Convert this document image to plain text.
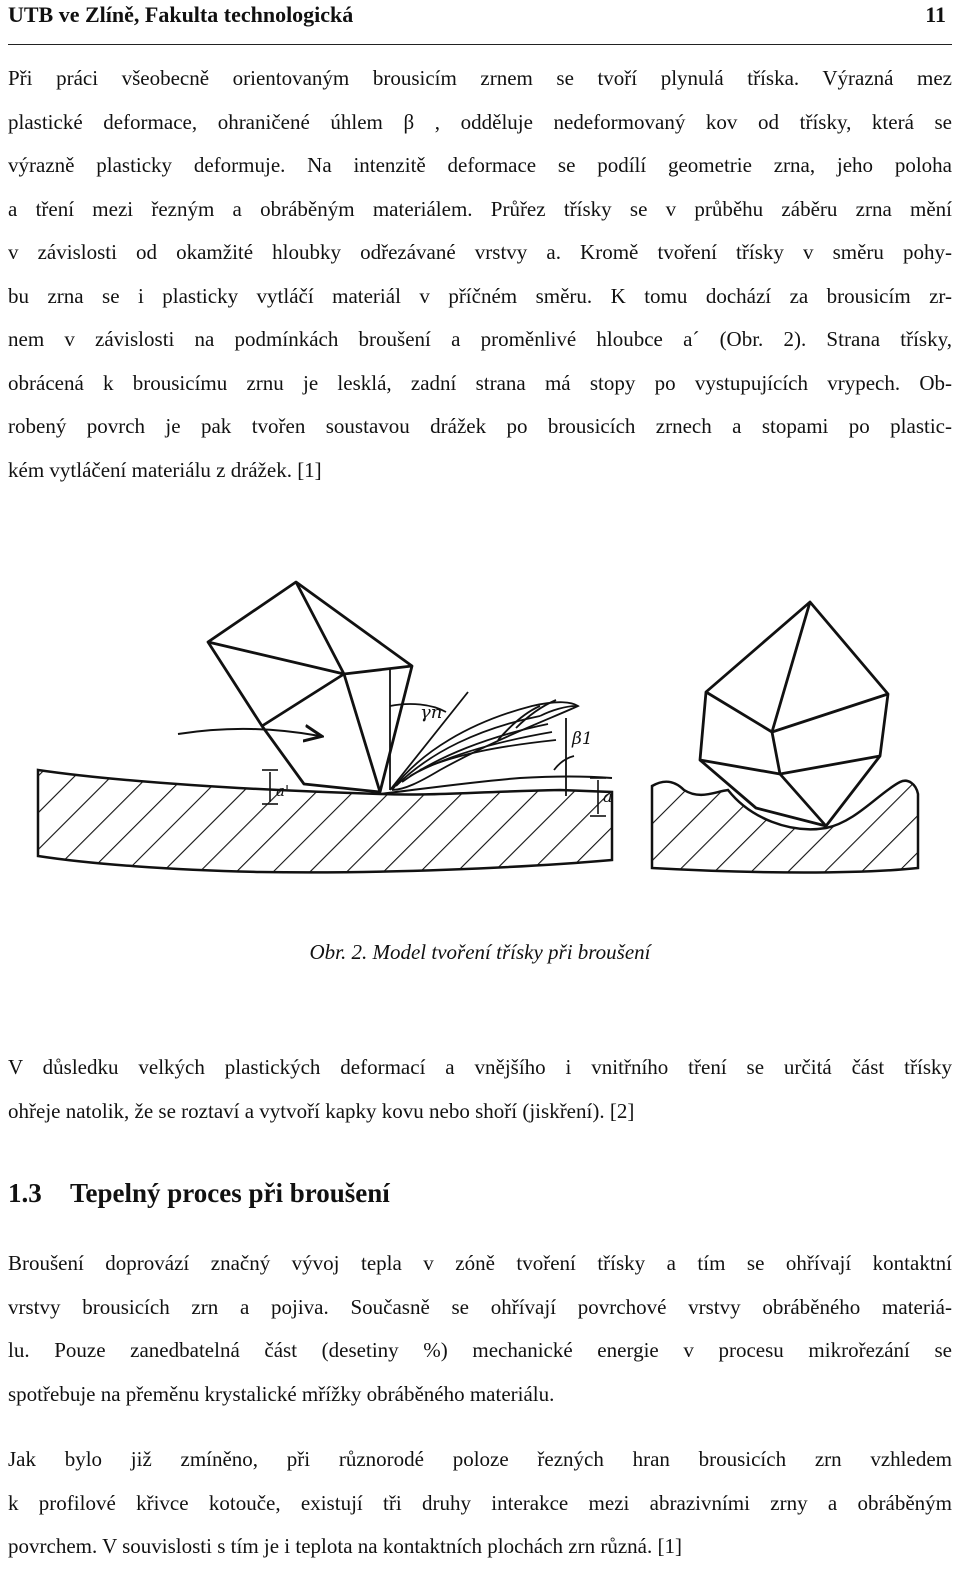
UTB ve Zlíně, Fakulta technologická	11
Při práci všeobecně orientovaným brousicím zrnem se tvoří plynulá tříska. Výrazná mez
plastické deformace, ohraničené úhlem β , odděluje nedeformovaný kov od třísky, která se
výrazně plasticky deformuje. Na intenzitě deformace se podílí geometrie zrna, jeho poloha
a tření mezi řezným a obráběným materiálem. Průřez třísky se v průběhu záběru zrna mění
v závislosti od okamžité hloubky odřezávané vrstvy a. Kromě tvoření třísky v směru pohy-
bu zrna se i plasticky vytláčí materiál v příčném směru. K tomu dochází za brousicím zr-
nem v závislosti na podmínkách broušení a proměnlivé hloubce a´ (Obr. 2). Strana třísky,
obrácená k brousicímu zrnu je lesklá, zadní strana má stopy po vystupujících vrypech. Ob-
robený povrch je pak tvořen soustavou drážek po brousicích zrnech a stopami po plastic-
kém vytláčení materiálu z drážek. [1]
γn
β1
a'	a
Obr. 2. Model tvoření třísky při broušení
V důsledku velkých plastických deformací a vnějšího i vnitřního tření se určitá část třísky
ohřeje natolik, že se roztaví a vytvoří kapky kovu nebo shoří (jiskření). [2]
1.3 Tepelný proces při broušení
Broušení doprovází značný vývoj tepla v zóně tvoření třísky a tím se ohřívají kontaktní
vrstvy brousicích zrn a pojiva. Současně se ohřívají povrchové vrstvy obráběného materiá-
lu. Pouze zanedbatelná část (desetiny %) mechanické energie v procesu mikrořezání se
spotřebuje na přeměnu krystalické mřížky obráběného materiálu.
Jak bylo již zmíněno, při různorodé poloze řezných hran brousicích zrn vzhledem
k profilové křivce kotouče, existují tři druhy interakce mezi abrazivními zrny a obráběným
povrchem. V souvislosti s tím je i teplota na kontaktních plochách zrn různá. [1]
